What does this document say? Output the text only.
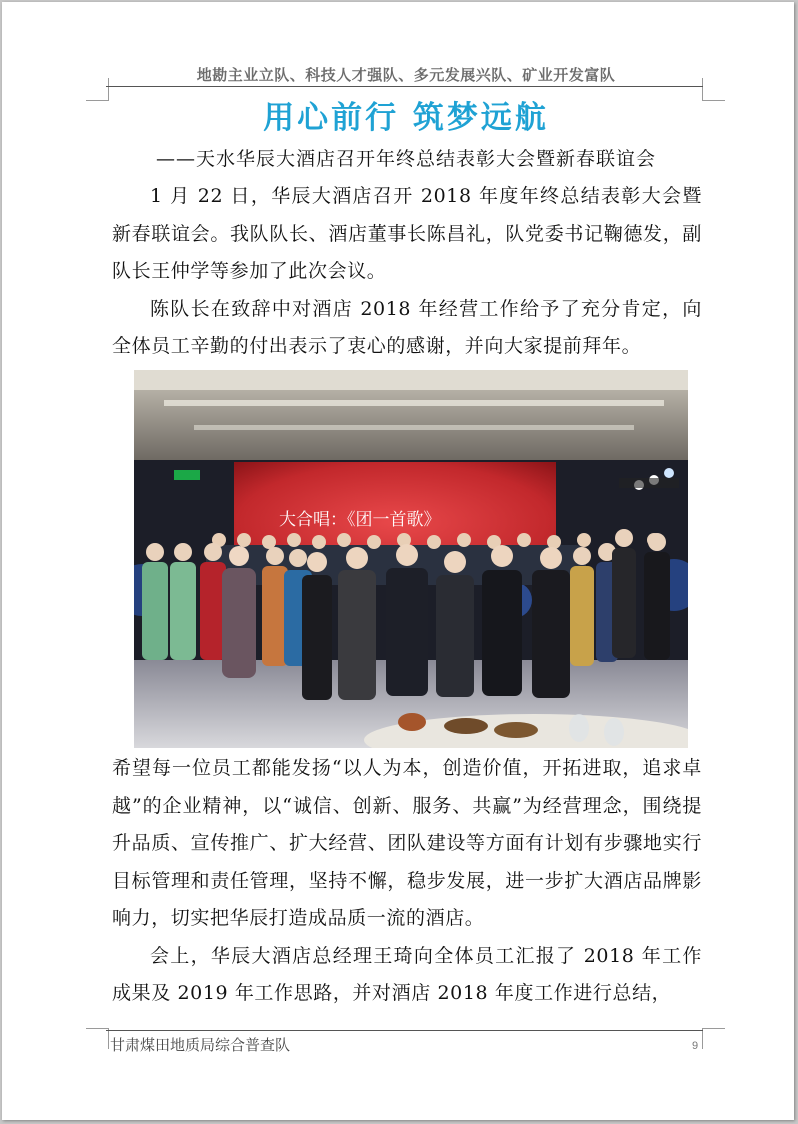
地勘主业立队、科技人才强队、多元发展兴队、矿业开发富队
用心前行 筑梦远航
——天水华辰大酒店召开年终总结表彰大会暨新春联谊会

1 月 22 日，华辰大酒店召开 2018 年度年终总结表彰大会暨新春联谊会。我队队长、酒店董事长陈昌礼，队党委书记鞠德发，副队长王仲学等参加了此次会议。

陈队长在致辞中对酒店 2018 年经营工作给予了充分肯定，向全体员工辛勤的付出表示了衷心的感谢，并向大家提前拜年。

大合唱：《团一首歌》

希望每一位员工都能发扬“以人为本，创造价值，开拓进取，追求卓越”的企业精神，以“诚信、创新、服务、共赢”为经营理念，围绕提升品质、宣传推广、扩大经营、团队建设等方面有计划有步骤地实行目标管理和责任管理，坚持不懈，稳步发展，进一步扩大酒店品牌影响力，切实把华辰打造成品质一流的酒店。

会上，华辰大酒店总经理王琦向全体员工汇报了 2018 年工作成果及 2019 年工作思路，并对酒店 2018 年度工作进行总结，

甘肃煤田地质局综合普查队	9
